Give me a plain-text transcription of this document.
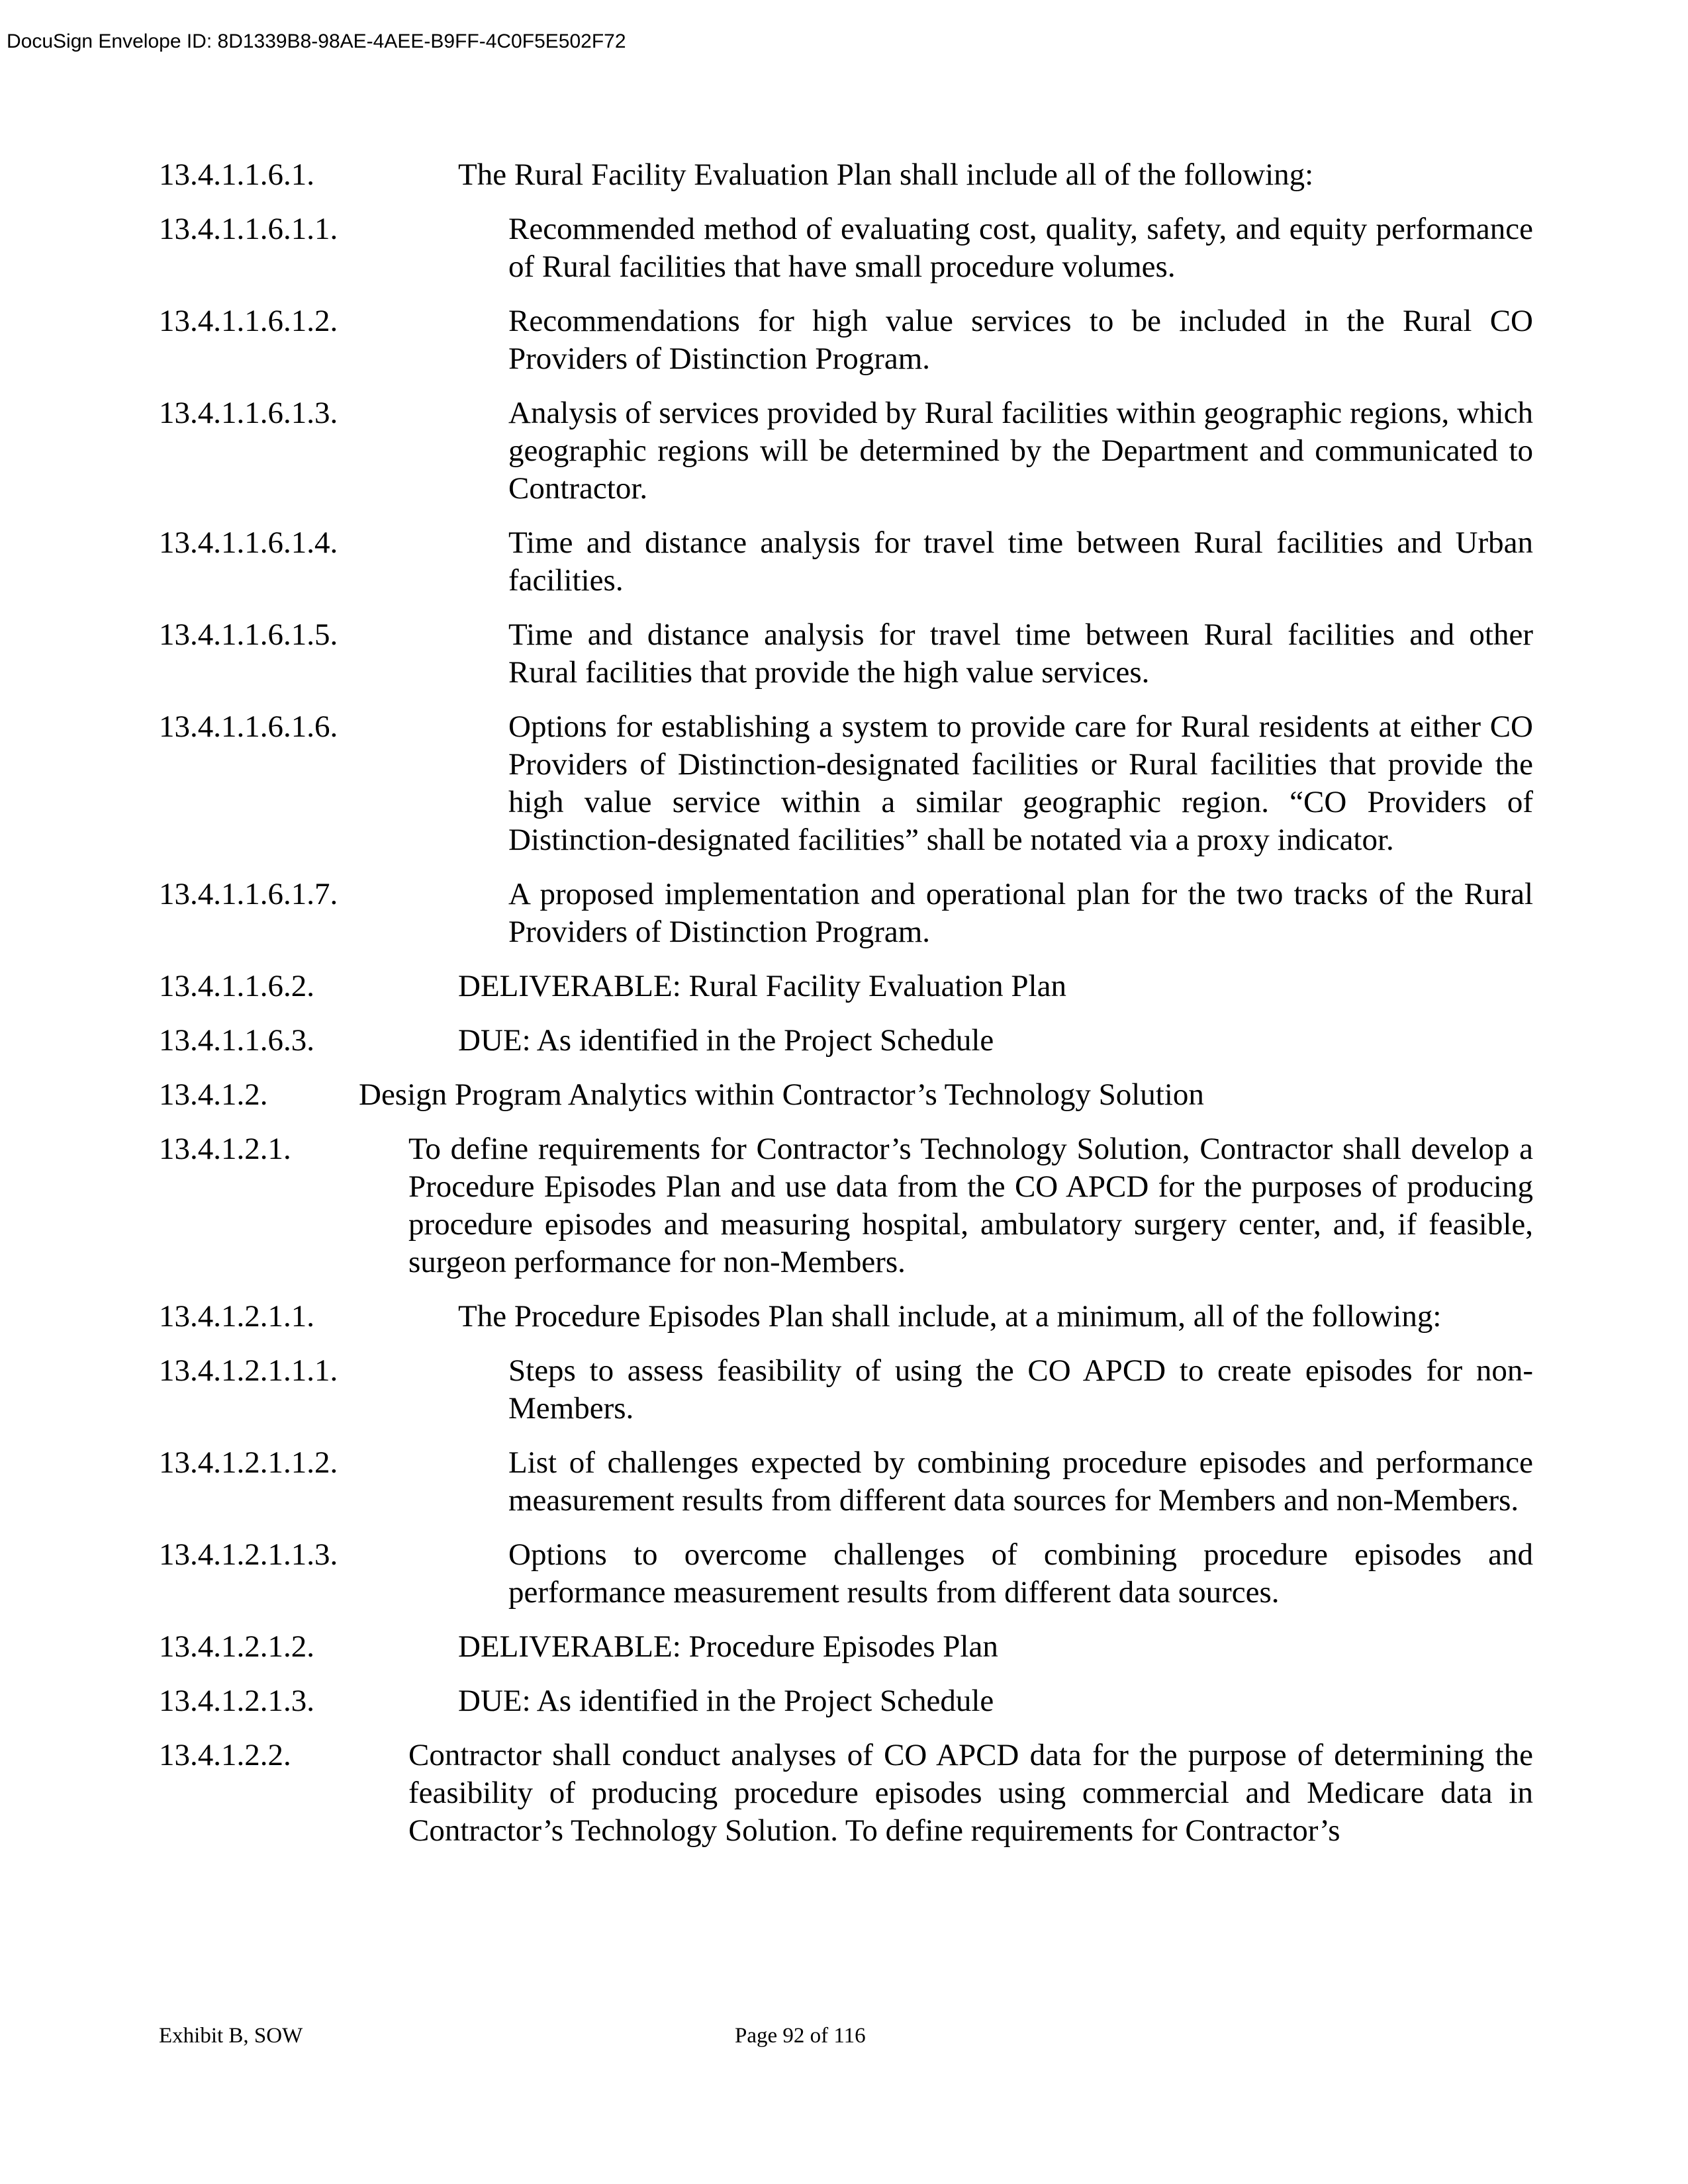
DocuSign Envelope ID: 8D1339B8-98AE-4AEE-B9FF-4C0F5E502F72
13.4.1.1.6.1.	The Rural Facility Evaluation Plan shall include all of the following:
13.4.1.1.6.1.1.	Recommended method of evaluating cost, quality, safety, and equity performance of Rural facilities that have small procedure volumes.
13.4.1.1.6.1.2.	Recommendations for high value services to be included in the Rural CO Providers of Distinction Program.
13.4.1.1.6.1.3.	Analysis of services provided by Rural facilities within geographic regions, which geographic regions will be determined by the Department and communicated to Contractor.
13.4.1.1.6.1.4.	Time and distance analysis for travel time between Rural facilities and Urban facilities.
13.4.1.1.6.1.5.	Time and distance analysis for travel time between Rural facilities and other Rural facilities that provide the high value services.
13.4.1.1.6.1.6.	Options for establishing a system to provide care for Rural residents at either CO Providers of Distinction-designated facilities or Rural facilities that provide the high value service within a similar geographic region. “CO Providers of Distinction-designated facilities” shall be notated via a proxy indicator.
13.4.1.1.6.1.7.	A proposed implementation and operational plan for the two tracks of the Rural Providers of Distinction Program.
13.4.1.1.6.2.	DELIVERABLE: Rural Facility Evaluation Plan
13.4.1.1.6.3.	DUE: As identified in the Project Schedule
13.4.1.2.	Design Program Analytics within Contractor’s Technology Solution
13.4.1.2.1.	To define requirements for Contractor’s Technology Solution, Contractor shall develop a Procedure Episodes Plan and use data from the CO APCD for the purposes of producing procedure episodes and measuring hospital, ambulatory surgery center, and, if feasible, surgeon performance for non-Members.
13.4.1.2.1.1.	The Procedure Episodes Plan shall include, at a minimum, all of the following:
13.4.1.2.1.1.1.	Steps to assess feasibility of using the CO APCD to create episodes for non-Members.
13.4.1.2.1.1.2.	List of challenges expected by combining procedure episodes and performance measurement results from different data sources for Members and non-Members.
13.4.1.2.1.1.3.	Options to overcome challenges of combining procedure episodes and performance measurement results from different data sources.
13.4.1.2.1.2.	DELIVERABLE: Procedure Episodes Plan
13.4.1.2.1.3.	DUE: As identified in the Project Schedule
13.4.1.2.2.	Contractor shall conduct analyses of CO APCD data for the purpose of determining the feasibility of producing procedure episodes using commercial and Medicare data in Contractor’s Technology Solution. To define requirements for Contractor’s
Exhibit B, SOW	Page 92 of 116
